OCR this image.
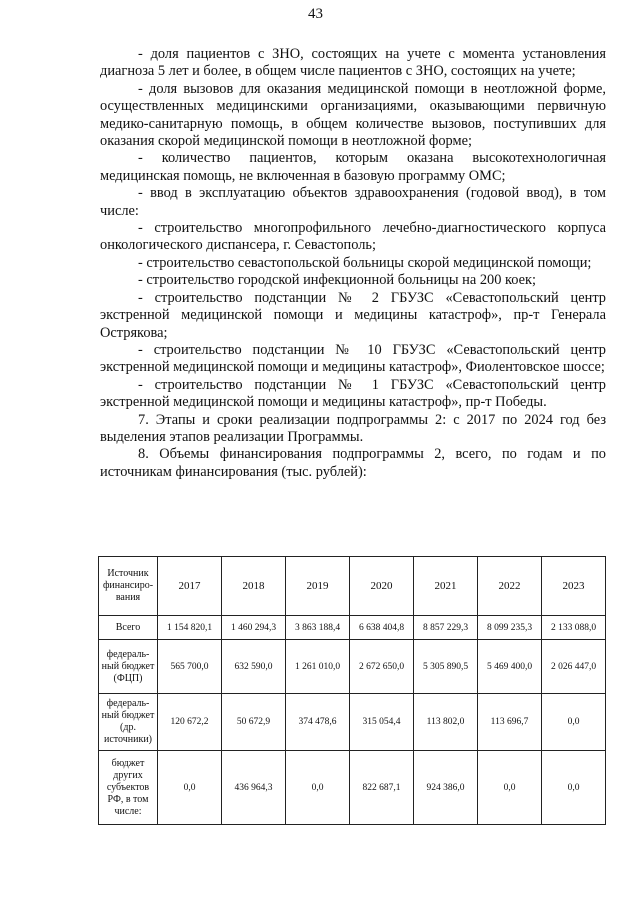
43

- доля пациентов с ЗНО, состоящих на учете с момента установления диагноза 5 лет и более, в общем числе пациентов с ЗНО, состоящих на учете;

- доля вызовов для оказания медицинской помощи в неотложной форме, осуществленных медицинскими организациями, оказывающими первичную медико-санитарную помощь, в общем количестве вызовов, поступивших для оказания скорой медицинской помощи в неотложной форме;

- количество пациентов, которым оказана высокотехнологичная медицинская помощь, не включенная в базовую программу ОМС;

- ввод в эксплуатацию объектов здравоохранения (годовой ввод), в том числе:

- строительство многопрофильного лечебно-диагностического корпуса онкологического диспансера, г. Севастополь;

- строительство севастопольской больницы скорой медицинской помощи;

- строительство городской инфекционной больницы на 200 коек;

- строительство подстанции № 2 ГБУЗС «Севастопольский центр экстренной медицинской помощи и медицины катастроф», пр-т Генерала Острякова;

- строительство подстанции № 10 ГБУЗС «Севастопольский центр экстренной медицинской помощи и медицины катастроф», Фиолентовское шоссе;

- строительство подстанции № 1 ГБУЗС «Севастопольский центр экстренной медицинской помощи и медицины катастроф», пр-т Победы.

7. Этапы и сроки реализации подпрограммы 2: с 2017 по 2024 год без выделения этапов реализации Программы.

8. Объемы финансирования подпрограммы 2, всего, по годам и по источникам финансирования (тыс. рублей):

Источник финансиро-вания	2017	2018	2019	2020	2021	2022	2023
Всего	1 154 820,1	1 460 294,3	3 863 188,4	6 638 404,8	8 857 229,3	8 099 235,3	2 133 088,0
федераль-ный бюджет (ФЦП)	565 700,0	632 590,0	1 261 010,0	2 672 650,0	5 305 890,5	5 469 400,0	2 026 447,0
федераль-ный бюджет (др. источники)	120 672,2	50 672,9	374 478,6	315 054,4	113 802,0	113 696,7	0,0
бюджет других субъектов РФ, в том числе:	0,0	436 964,3	0,0	822 687,1	924 386,0	0,0	0,0
